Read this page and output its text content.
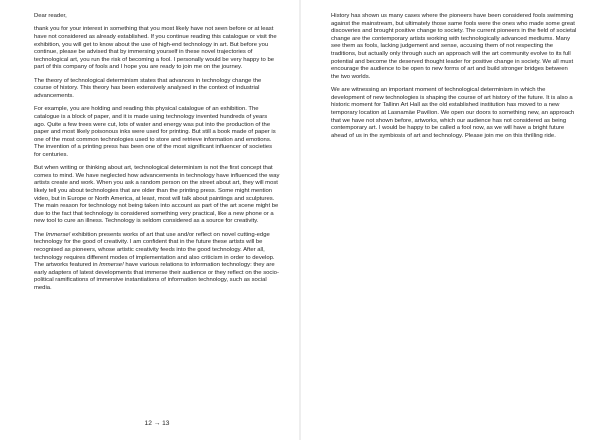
Dear reader,

thank you for your interest in something that you most likely have not seen before or at least have not considered as already established. If you continue reading this catalogue or visit the exhibition, you will get to know about the use of high-end technology in art. But before you continue, please be advised that by immersing yourself in these novel trajectories of technological art, you run the risk of becoming a fool. I personally would be very happy to be part of this company of fools and I hope you are ready to join me on the journey.

The theory of technological determinism states that advances in technology change the course of history. This theory has been extensively analysed in the context of industrial advancements.

For example, you are holding and reading this physical catalogue of an exhibition. The catalogue is a block of paper, and it is made using technology invented hundreds of years ago. Quite a few trees were cut, lots of water and energy was put into the production of the paper and most likely poisonous inks were used for printing. But still a book made of paper is one of the most common technologies used to store and retrieve information and emotions. The invention of a printing press has been one of the most significant influencer of societies for centuries.

But when writing or thinking about art, technological determinism is not the first concept that comes to mind. We have neglected how advancements in technology have influenced the way artists create and work. When you ask a random person on the street about art, they will most likely tell you about technologies that are older than the printing press. Some might mention video, but in Europe or North America, at least, most will talk about paintings and sculptures. The main reason for technology not being taken into account as part of the art scene might be due to the fact that technology is considered something very practical, like a new phone or a new tool to cure an illness. Technology is seldom considered as a source for creativity.

The Immerse! exhibition presents works of art that use and/or reflect on novel cutting-edge technology for the good of creativity. I am confident that in the future these artists will be recognised as pioneers, whose artistic creativity feeds into the good technology. After all, technology requires different modes of implementation and also criticism in order to develop. The artworks featured in Immerse! have various relations to information technology: they are early adapters of latest developments that immerse their audience or they reflect on the socio-political ramifications of immersive instantiations of information technology, such as social media.

12 → 13

History has shown us many cases where the pioneers have been considered fools swimming against the mainstream, but ultimately those same fools were the ones who made some great discoveries and brought positive change to society. The current pioneers in the field of societal change are the contemporary artists working with technologically advanced mediums. Many see them as fools, lacking judgement and sense, accusing them of not respecting the traditions, but actually only through such an approach will the art community evolve to its full potential and become the deserved thought leader for positive change in society. We all must encourage the audience to be open to new forms of art and build stronger bridges between the two worlds.

We are witnessing an important moment of technological determinism in which the development of new technologies is shaping the course of art history of the future. It is also a historic moment for Tallinn Art Hall as the old established institution has moved to a new temporary location at Lasnamäe Pavilion. We open our doors to something new, an approach that we have not shown before, artworks, which our audience has not considered as being contemporary art. I would be happy to be called a fool now, as we will have a bright future ahead of us in the symbiosis of art and technology. Please join me on this thrilling ride.
